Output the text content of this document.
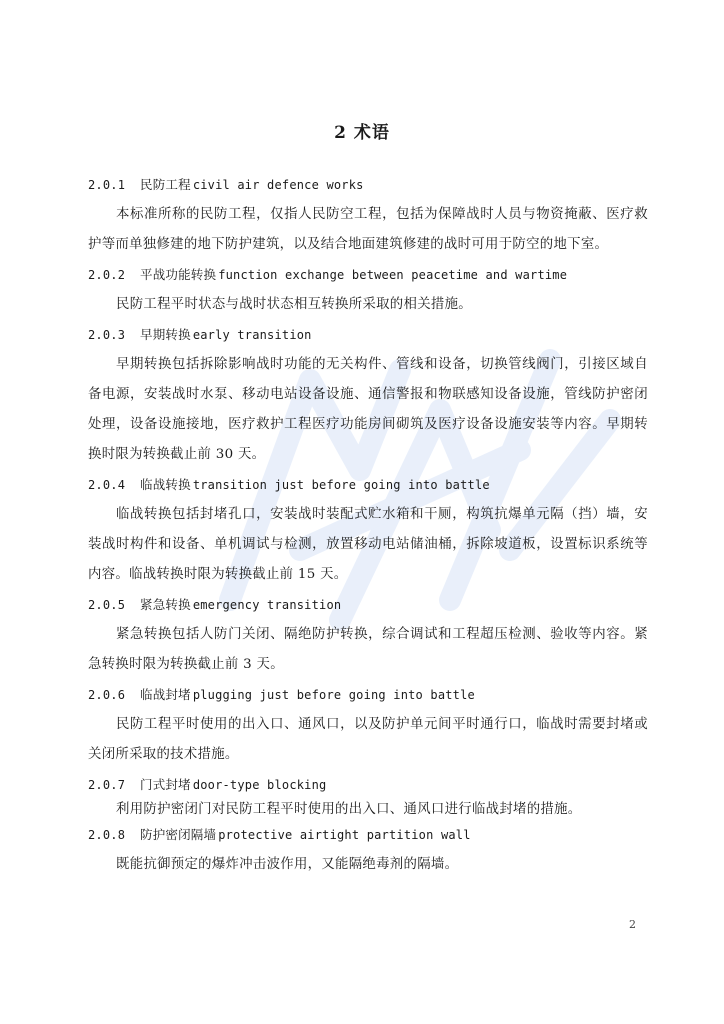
2 术语
2.0.1 民防工程 civil air defence works

本标准所称的民防工程，仅指人民防空工程，包括为保障战时人员与物资掩蔽、医疗救护等而单独修建的地下防护建筑，以及结合地面建筑修建的战时可用于防空的地下室。

2.0.2 平战功能转换 function exchange between peacetime and wartime

民防工程平时状态与战时状态相互转换所采取的相关措施。

2.0.3 早期转换 early transition

早期转换包括拆除影响战时功能的无关构件、管线和设备，切换管线阀门，引接区域自备电源，安装战时水泵、移动电站设备设施、通信警报和物联感知设备设施，管线防护密闭处理，设备设施接地，医疗救护工程医疗功能房间砌筑及医疗设备设施安装等内容。早期转换时限为转换截止前 30 天。

2.0.4 临战转换 transition just before going into battle

临战转换包括封堵孔口，安装战时装配式贮水箱和干厕，构筑抗爆单元隔（挡）墙，安装战时构件和设备、单机调试与检测，放置移动电站储油桶，拆除坡道板，设置标识系统等内容。临战转换时限为转换截止前 15 天。

2.0.5 紧急转换 emergency transition

紧急转换包括人防门关闭、隔绝防护转换，综合调试和工程超压检测、验收等内容。紧急转换时限为转换截止前 3 天。

2.0.6 临战封堵 plugging just before going into battle

民防工程平时使用的出入口、通风口，以及防护单元间平时通行口，临战时需要封堵或关闭所采取的技术措施。

2.0.7 门式封堵 door-type blocking

利用防护密闭门对民防工程平时使用的出入口、通风口进行临战封堵的措施。

2.0.8 防护密闭隔墙 protective airtight partition wall

既能抗御预定的爆炸冲击波作用，又能隔绝毒剂的隔墙。

2
